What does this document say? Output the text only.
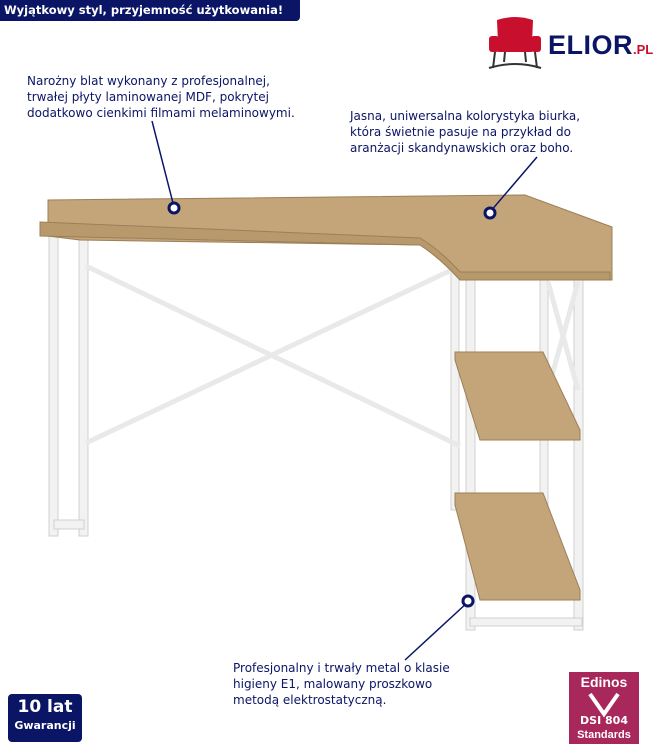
Wyjątkowy styl, przyjemność użytkowania!
ELIOR.PL
Narożny blat wykonany z profesjonalnej,
trwałej płyty laminowanej MDF, pokrytej
dodatkowo cienkimi filmami melaminowymi.	Jasna, uniwersalna kolorystyka biurka,
która świetnie pasuje na przykład do
aranżacji skandynawskich oraz boho.
Profesjonalny i trwały metal o klasie
higieny E1, malowany proszkowo
metodą elektrostatyczną.
10 lat
Gwarancji
Edinos
DSI 804
Standards
